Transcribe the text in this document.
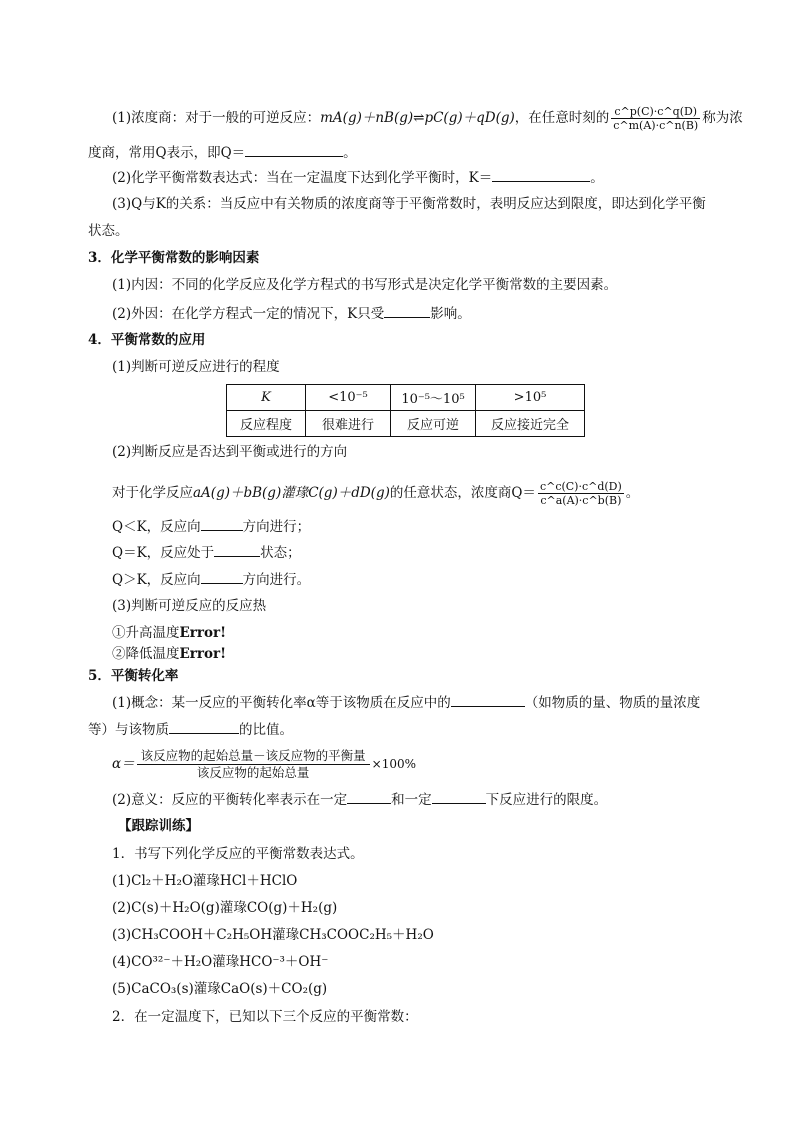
(1)浓度商：对于一般的可逆反应：mA(g)＋nB(g)⇌pC(g)＋qD(g)，在任意时刻的 $\frac{c\^{}p(C)\cdot c\^{}q(D)}{c\^{}m(A)\cdot c\^{}n(B)}$ 称为浓
度商，常用Q表示，即Q＝	。
(2)化学平衡常数表达式：当在一定温度下达到化学平衡时，K＝	。
(3)Q与K的关系：当反应中有关物质的浓度商等于平衡常数时，表明反应达到限度，即达到化学平衡
状态。
3．化学平衡常数的影响因素
(1)内因：不同的化学反应及化学方程式的书写形式是决定化学平衡常数的主要因素。
(2)外因：在化学方程式一定的情况下，K只受	影响。
4．平衡常数的应用
(1)判断可逆反应进行的程度
K	<10⁻⁵	10⁻⁵～10⁵	>10⁵
反应程度	很难进行	反应可逆	反应接近完全
(2)判断反应是否达到平衡或进行的方向
对于化学反应aA(g)＋bB(g)灌瑑C(g)＋dD(g)的任意状态，浓度商$Q= \frac{c\^{}c(C)\cdot c\^{}d(D)}{c\^{}a(A)\cdot c\^{}b(B)}$ 。
Q＜K，反应向	方向进行；
Q＝K，反应处于	状态；
Q＞K，反应向	方向进行。
(3)判断可逆反应的反应热
①升高温度Error!
②降低温度Error!
5．平衡转化率
(1)概念：某一反应的平衡转化率α等于该物质在反应中的	（如物质的量、物质的量浓度
等）与该物质	的比值。
$\alpha= \frac{\text{该反应物的起始总量－该反应物的平衡量}}{\text{该反应物的起始总量}} \times 100\%$
(2)意义：反应的平衡转化率表示在一定	和一定	下反应进行的限度。
【跟踪训练】
1．书写下列化学反应的平衡常数表达式。
(1)Cl₂＋H₂O灌瑑HCl＋HClO
(2)C(s)＋H₂O(g)灌瑑CO(g)＋H₂(g)
(3)CH₃COOH＋C₂H₅OH灌瑑CH₃COOC₂H₅＋H₂O
(4)CO³²⁻＋H₂O灌瑑HCO⁻³＋OH⁻
(5)CaCO₃(s)灌瑑CaO(s)＋CO₂(g)
2．在一定温度下，已知以下三个反应的平衡常数：
